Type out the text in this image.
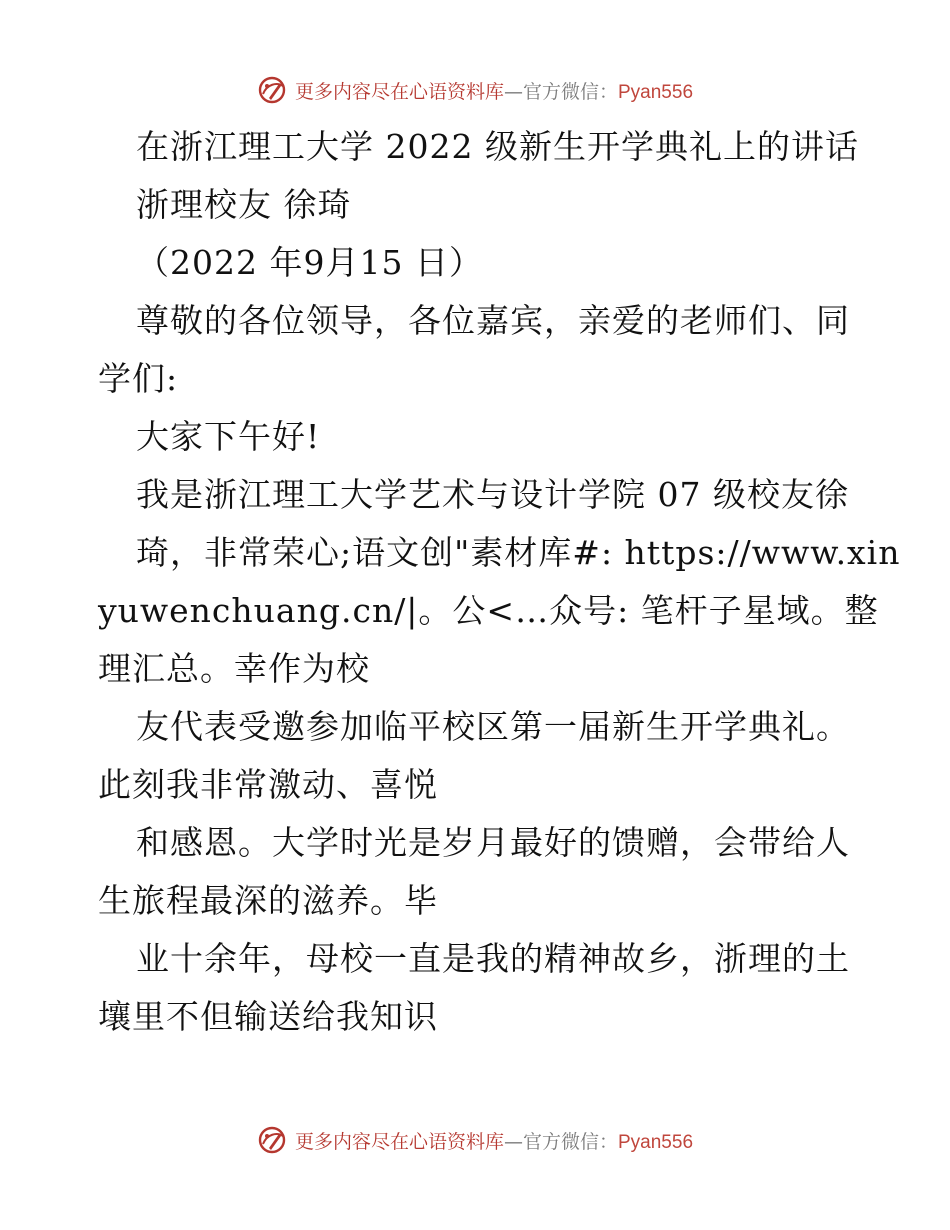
更多内容尽在心语资料库—官方微信：Pyan556
在浙江理工大学 2022 级新生开学典礼上的讲话
浙理校友 徐琦
（2022 年9月15 日）
尊敬的各位领导，各位嘉宾，亲爱的老师们、同
学们:
大家下午好!
我是浙江理工大学艺术与设计学院 07 级校友徐
琦，非常荣心;语文创"素材库#: https://www.xin
yuwenchuang.cn/|。公<…众号: 笔杆子星域。整
理汇总。幸作为校
友代表受邀参加临平校区第一届新生开学典礼。
此刻我非常激动、喜悦
和感恩。大学时光是岁月最好的馈赠，会带给人
生旅程最深的滋养。毕
业十余年，母校一直是我的精神故乡，浙理的土
壤里不但输送给我知识
更多内容尽在心语资料库—官方微信：Pyan556
